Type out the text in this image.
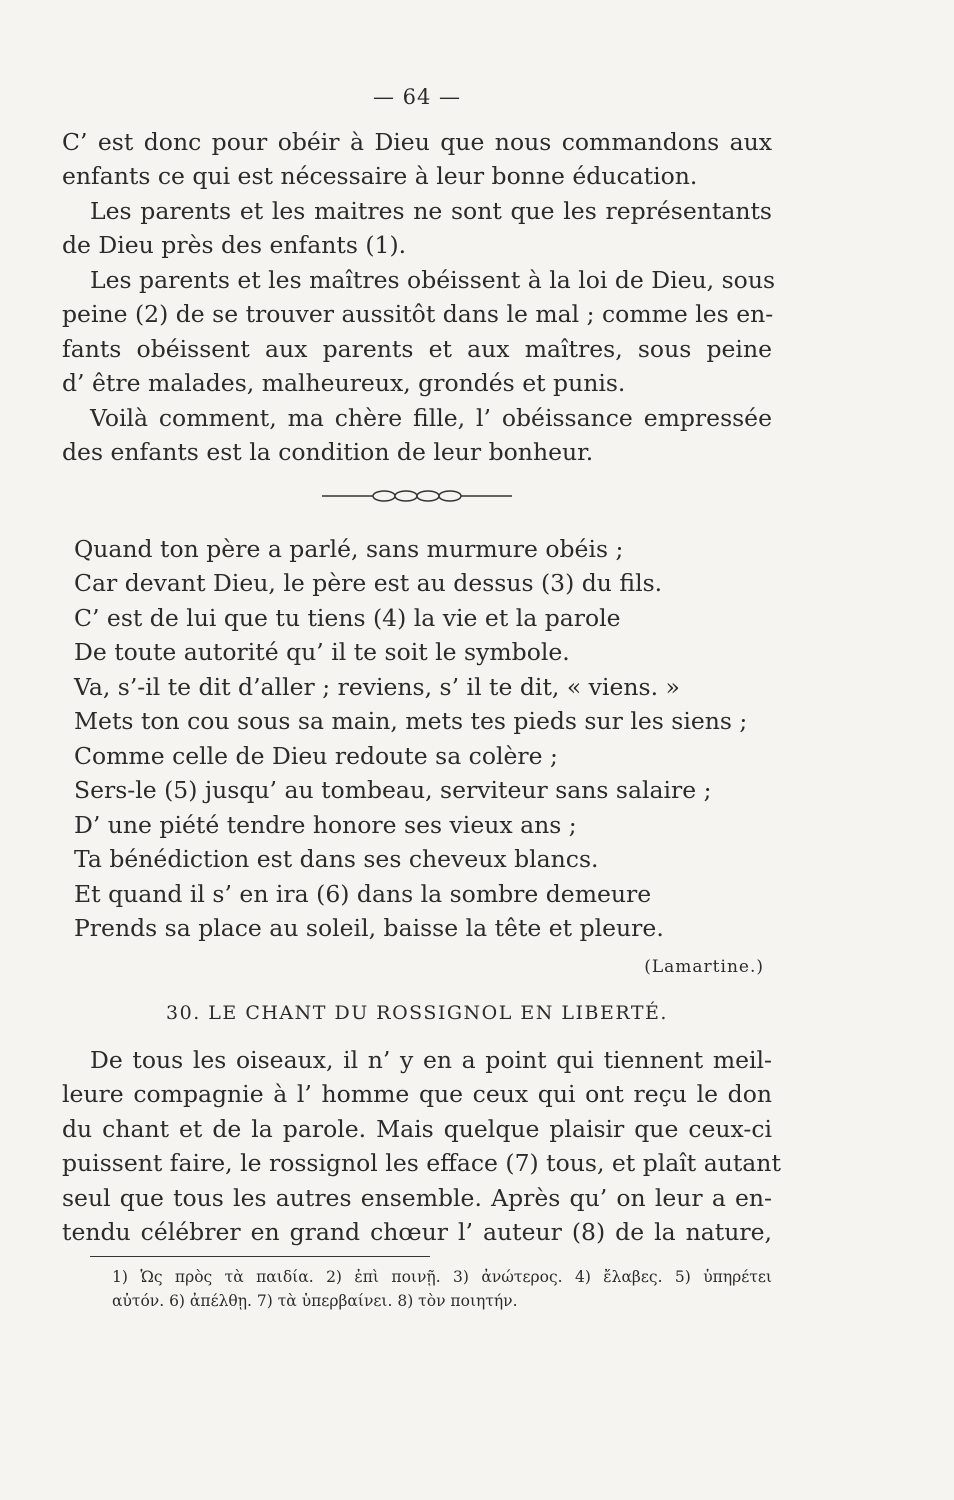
— 64 —
C’ est donc pour obéir à Dieu que nous commandons aux
enfants ce qui est nécessaire à leur bonne éducation.
Les parents et les maitres ne sont que les représentants
de Dieu près des enfants (1).
Les parents et les maîtres obéissent à la loi de Dieu, sous
peine (2) de se trouver aussitôt dans le mal ; comme les en-
fants obéissent aux parents et aux maîtres, sous peine
d’ être malades, malheureux, grondés et punis.
Voilà comment, ma chère fille, l’ obéissance empressée
des enfants est la condition de leur bonheur.
Quand ton père a parlé, sans murmure obéis ;
Car devant Dieu, le père est au dessus (3) du fils.
C’ est de lui que tu tiens (4) la vie et la parole
De toute autorité qu’ il te soit le symbole.
Va, s’-il te dit d’aller ; reviens, s’ il te dit, « viens. »
Mets ton cou sous sa main, mets tes pieds sur les siens ;
Comme celle de Dieu redoute sa colère ;
Sers-le (5) jusqu’ au tombeau, serviteur sans salaire ;
D’ une piété tendre honore ses vieux ans ;
Ta bénédiction est dans ses cheveux blancs.
Et quand il s’ en ira (6) dans la sombre demeure
Prends sa place au soleil, baisse la tête et pleure.
(Lamartine.)
30. LE CHANT DU ROSSIGNOL EN LIBERTÉ.
De tous les oiseaux, il n’ y en a point qui tiennent meil-
leure compagnie à l’ homme que ceux qui ont reçu le don
du chant et de la parole. Mais quelque plaisir que ceux-ci
puissent faire, le rossignol les efface (7) tous, et plaît autant
seul que tous les autres ensemble. Après qu’ on leur a en-
tendu célébrer en grand chœur l’ auteur (8) de la nature,
1) Ὡς πρὸς τὰ παιδία. 2) ἐπὶ ποινῇ. 3) ἀνώτερος. 4) ἔλαβες. 5) ὑπηρέτει
αὐτόν. 6) ἀπέλθῃ. 7) τὰ ὑπερβαίνει. 8) τὸν ποιητήν.
